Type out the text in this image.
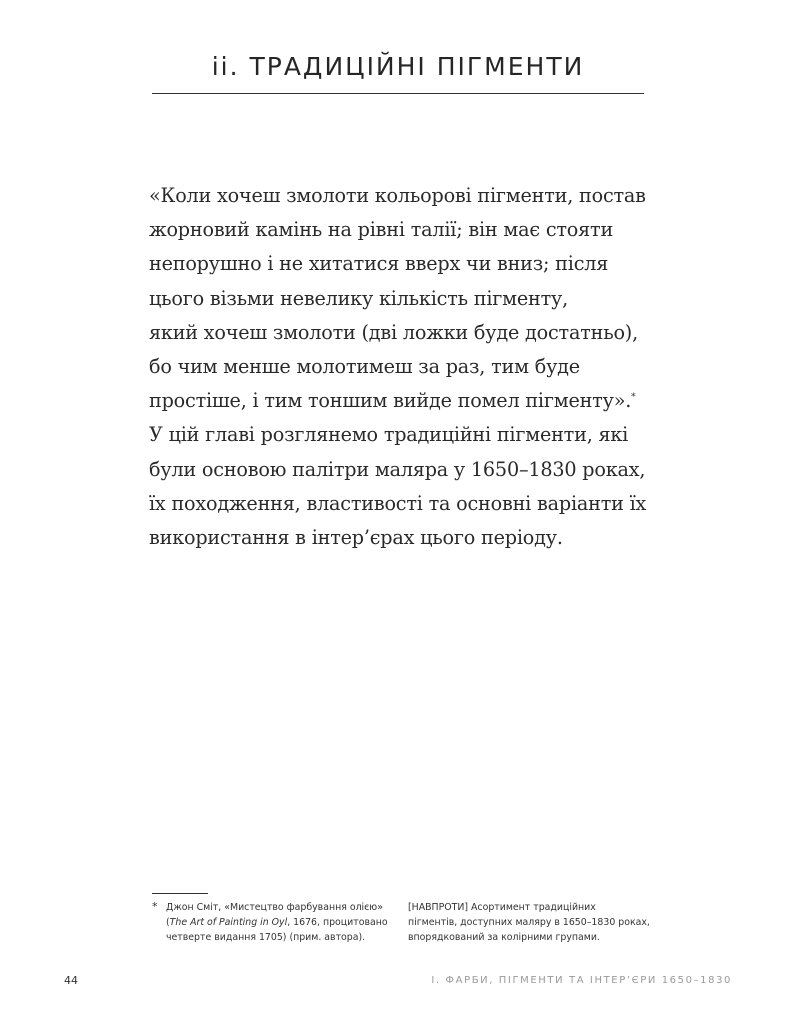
ii. ТРАДИЦІЙНІ ПІГМЕНТИ
«Коли хочеш змолоти кольорові пігменти, постав
жорновий камінь на рівні талії; він має стояти
непорушно і не хитатися вверх чи вниз; після
цього візьми невелику кількість пігменту,
який хочеш змолоти (дві ложки буде достатньо),
бо чим менше молотимеш за раз, тим буде
простіше, і тим тоншим вийде помел пігменту».*
У цій главі розглянемо традиційні пігменти, які
були основою палітри маляра у 1650–1830 роках,
їх походження, властивості та основні варіанти їх
використання в інтер’єрах цього періоду.
* Джон Сміт, «Мистецтво фарбування олією»
(The Art of Painting in Oyl, 1676, процитовано
четверте видання 1705) (прим. автора).
[НАВПРОТИ] Асортимент традиційних
пігментів, доступних маляру в 1650–1830 роках,
впорядкований за колірними групами.
44	І. ФАРБИ, ПІГМЕНТИ ТА ІНТЕР’ЄРИ 1650–1830
